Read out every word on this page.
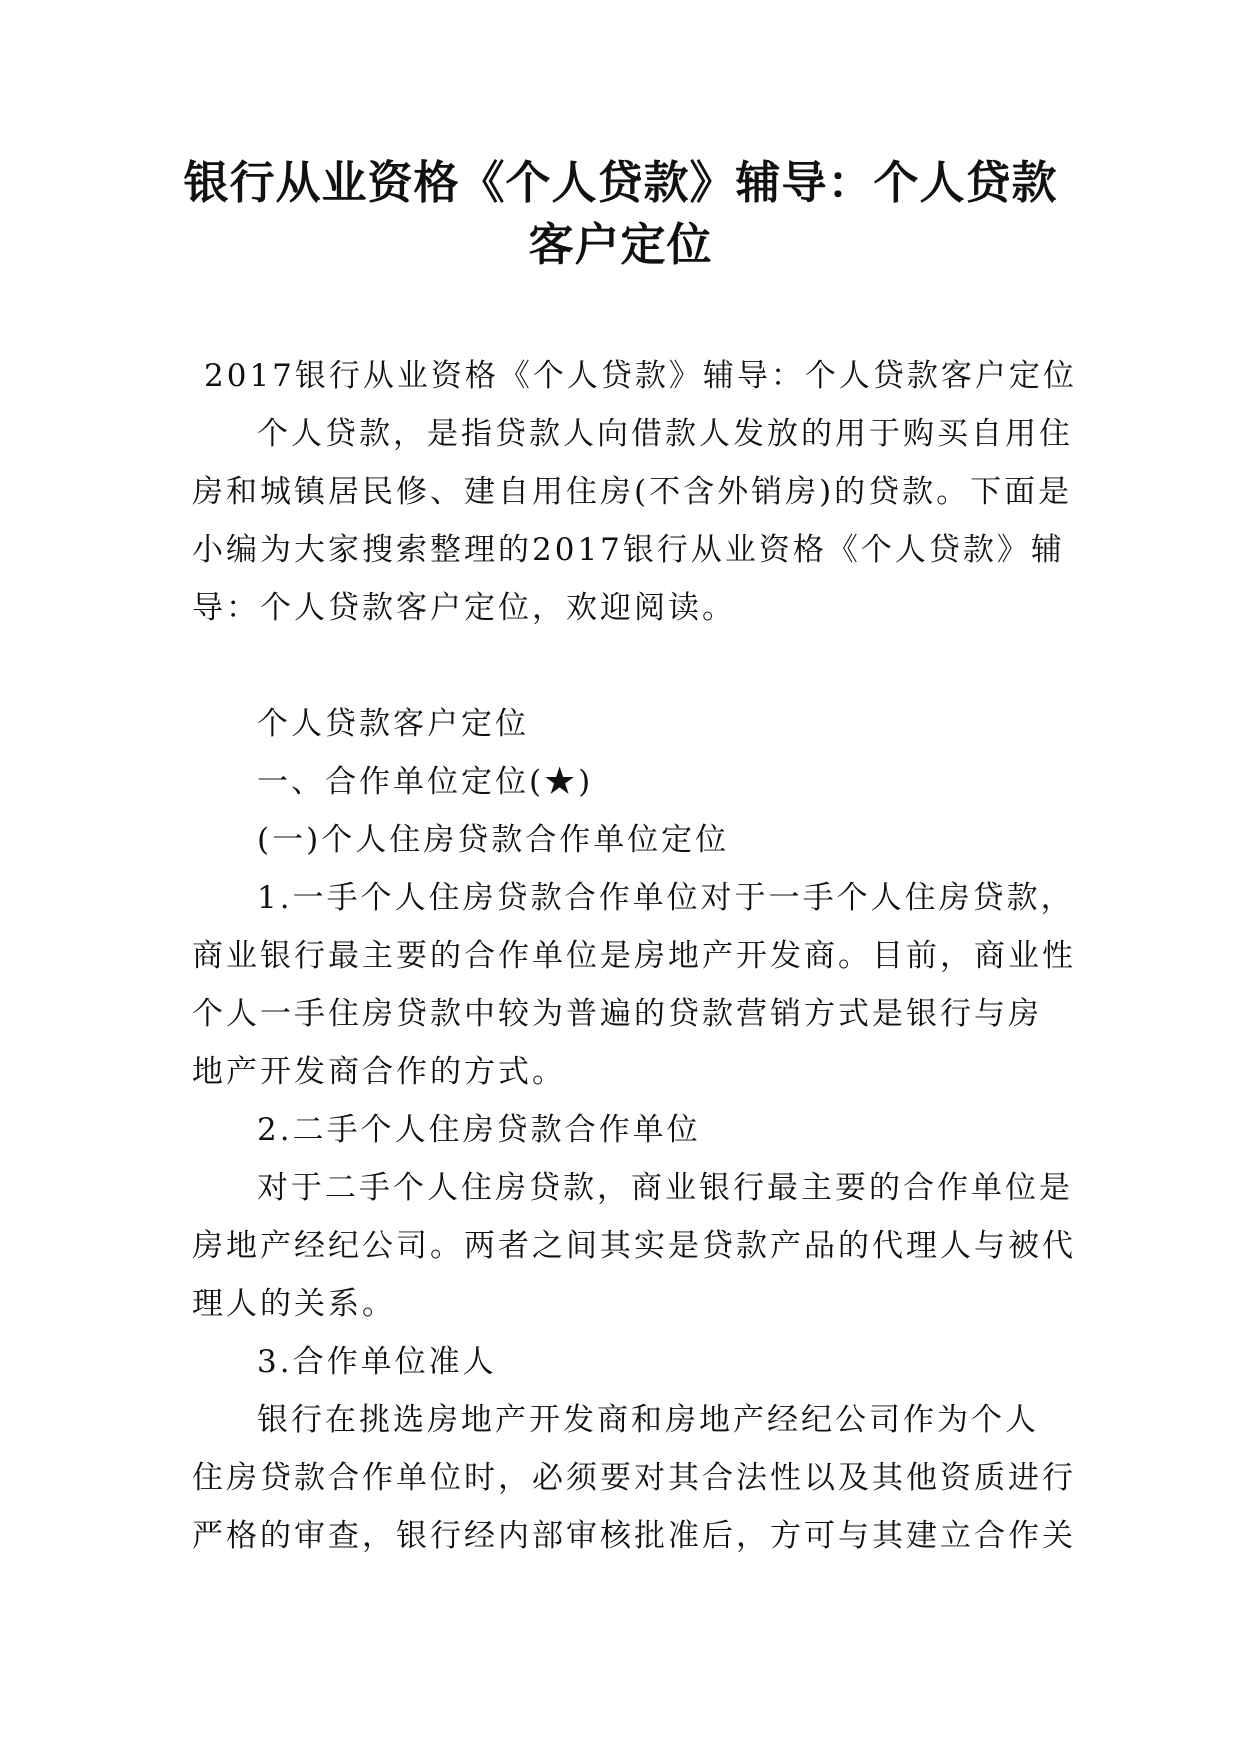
银行从业资格《个人贷款》辅导：个人贷款
客户定位

2017银行从业资格《个人贷款》辅导：个人贷款客户定位

个人贷款，是指贷款人向借款人发放的用于购买自用住

房和城镇居民修、建自用住房(不含外销房)的贷款。下面是

小编为大家搜索整理的2017银行从业资格《个人贷款》辅

导：个人贷款客户定位，欢迎阅读。

个人贷款客户定位

一、合作单位定位(★)

(一)个人住房贷款合作单位定位

1.一手个人住房贷款合作单位对于一手个人住房贷款，

商业银行最主要的合作单位是房地产开发商。目前，商业性

个人一手住房贷款中较为普遍的贷款营销方式是银行与房

地产开发商合作的方式。

2.二手个人住房贷款合作单位

对于二手个人住房贷款，商业银行最主要的合作单位是

房地产经纪公司。两者之间其实是贷款产品的代理人与被代

理人的关系。

3.合作单位准人

银行在挑选房地产开发商和房地产经纪公司作为个人

住房贷款合作单位时，必须要对其合法性以及其他资质进行

严格的审查，银行经内部审核批准后，方可与其建立合作关
